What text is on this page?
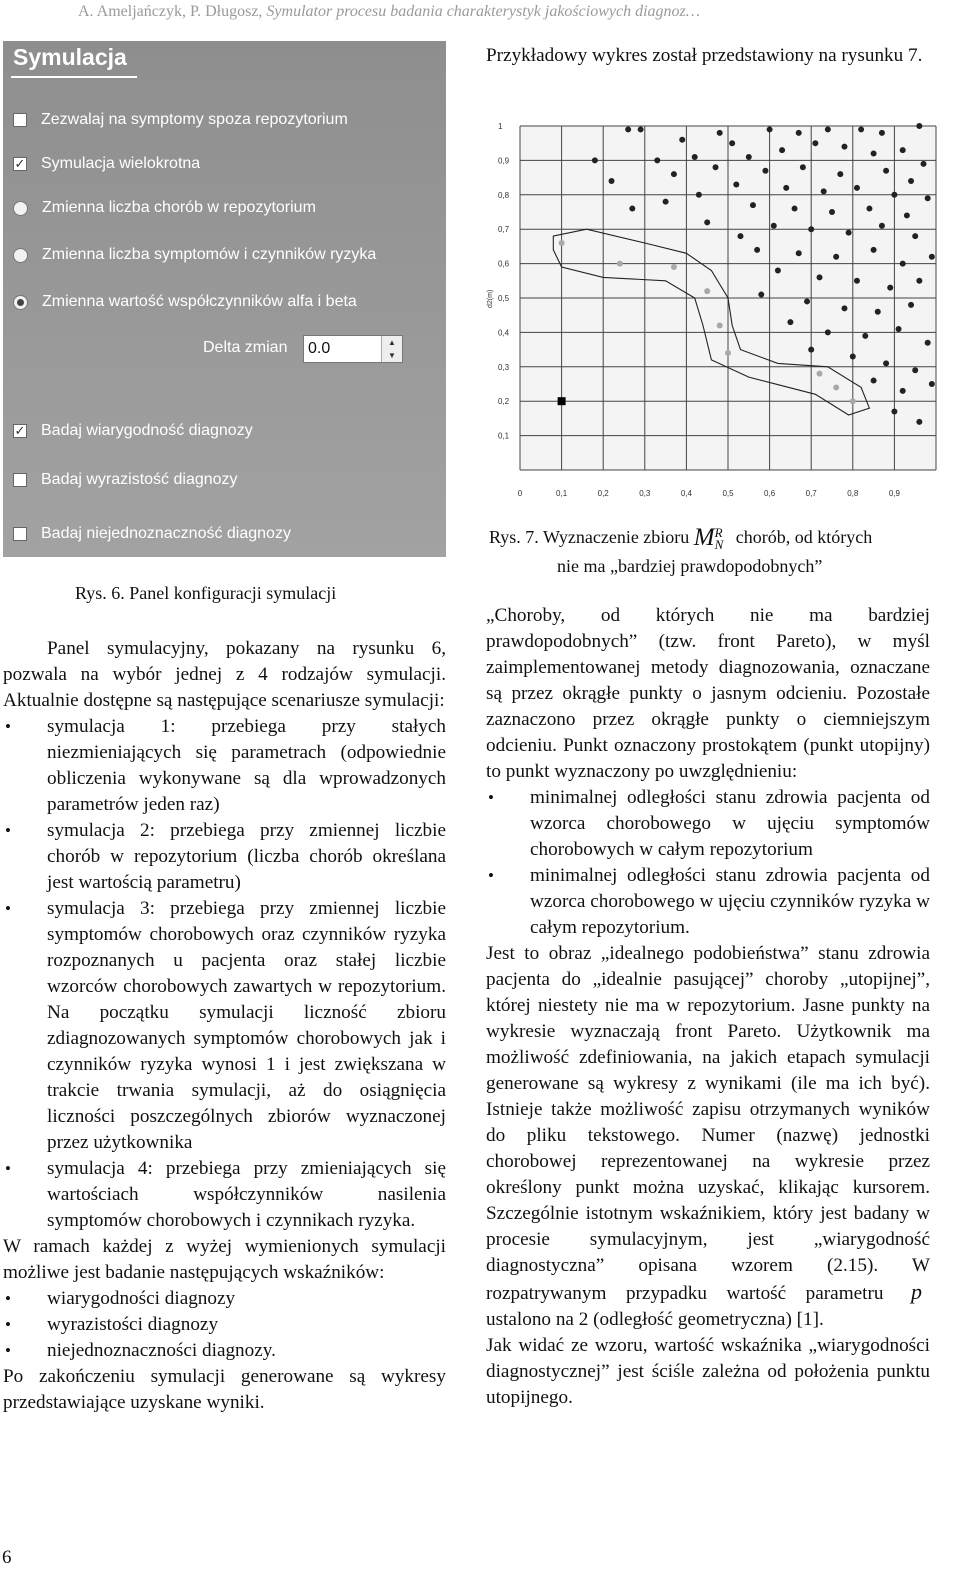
A. Ameljańczyk, P. Długosz, Symulator procesu badania charakterystyk jakościowych diagnoz…
Symulacja
Zezwalaj na symptomy spoza repozytorium
✓ Symulacja wielokrotna
Zmienna liczba chorób w repozytorium
Zmienna liczba symptomów i czynników ryzyka
Zmienna wartość współczynników alfa i beta
Delta zmian 0.0	▲
▼
✓ Badaj wiarygodność diagnozy
Badaj wyrazistość diagnozy
Badaj niejednoznaczność diagnozy
Rys. 6. Panel konfiguracji symulacji
Przykładowy wykres został przedstawiony na rysunku 7.
0	0,1	0,2	0,3	0,4	0,5	0,6	0,7	0,8	0,9
0,1
0,2
0,3
0,4
0,5
0,6
0,7
0,8
0,9
1
d2(m)
Rys. 7. Wyznaczenie zbioru M R
N chorób, od których
nie ma „bardziej prawdopodobnych”

Panel symulacyjny, pokazany na rysunku 6, pozwala na wybór jednej z 4 rodzajów symulacji. Aktualnie dostępne są następujące scenariusze symulacji:

• symulacja 1: przebiega przy stałych niezmieniających się parametrach (odpowiednie obliczenia wykonywane są dla wprowadzonych parametrów jeden raz)
• symulacja 2: przebiega przy zmiennej liczbie chorób w repozytorium (liczba chorób określana jest wartością parametru)
• symulacja 3: przebiega przy zmiennej liczbie symptomów chorobowych oraz czynników ryzyka rozpoznanych u pacjenta oraz stałej liczbie wzorców chorobowych zawartych w repozytorium. Na początku symulacji liczność zbioru zdiagnozowanych symptomów chorobowych jak i czynników ryzyka wynosi 1 i jest zwiększana w trakcie trwania symulacji, aż do osiągnięcia liczności poszczególnych zbiorów wyznaczonej przez użytkownika
• symulacja 4: przebiega przy zmieniających się wartościach współczynników nasilenia symptomów chorobowych i czynnikach ryzyka.

W ramach każdej z wyżej wymienionych symulacji możliwe jest badanie następujących wskaźników:

• wiarygodności diagnozy
• wyrazistości diagnozy
• niejednoznaczności diagnozy.

Po zakończeniu symulacji generowane są wykresy przedstawiające uzyskane wyniki.

„Choroby, od których nie ma bardziej prawdopodobnych” (tzw. front Pareto), w myśl zaimplementowanej metody diagnozowania, oznaczane są przez okrągłe punkty o jasnym odcieniu. Pozostałe zaznaczono przez okrągłe punkty o ciemniejszym odcieniu. Punkt oznaczony prostokątem (punkt utopijny) to punkt wyznaczony po uwzględnieniu:

• minimalnej odległości stanu zdrowia pacjenta od wzorca chorobowego w ujęciu symptomów chorobowych w całym repozytorium
• minimalnej odległości stanu zdrowia pacjenta od wzorca chorobowego w ujęciu czynników ryzyka w całym repozytorium.

Jest to obraz „idealnego podobieństwa” stanu zdrowia pacjenta do „idealnie pasującej” choroby „utopijnej”, której niestety nie ma w repozytorium. Jasne punkty na wykresie wyznaczają front Pareto. Użytkownik ma możliwość zdefiniowania, na jakich etapach symulacji generowane są wykresy z wynikami (ile ma ich być). Istnieje także możliwość zapisu otrzymanych wyników do pliku tekstowego. Numer (nazwę) jednostki chorobowej reprezentowanej na wykresie przez określony punkt można uzyskać, klikając kursorem. Szczególnie istotnym wskaźnikiem, który jest badany w procesie symulacyjnym, jest „wiarygodność diagnostyczna” opisana wzorem (2.15). W rozpatrywanym przypadku wartość parametru p ustalono na 2 (odległość geometryczna) [1].

Jak widać ze wzoru, wartość wskaźnika „wiarygodności diagnostycznej” jest ściśle zależna od położenia punktu utopijnego.

6
